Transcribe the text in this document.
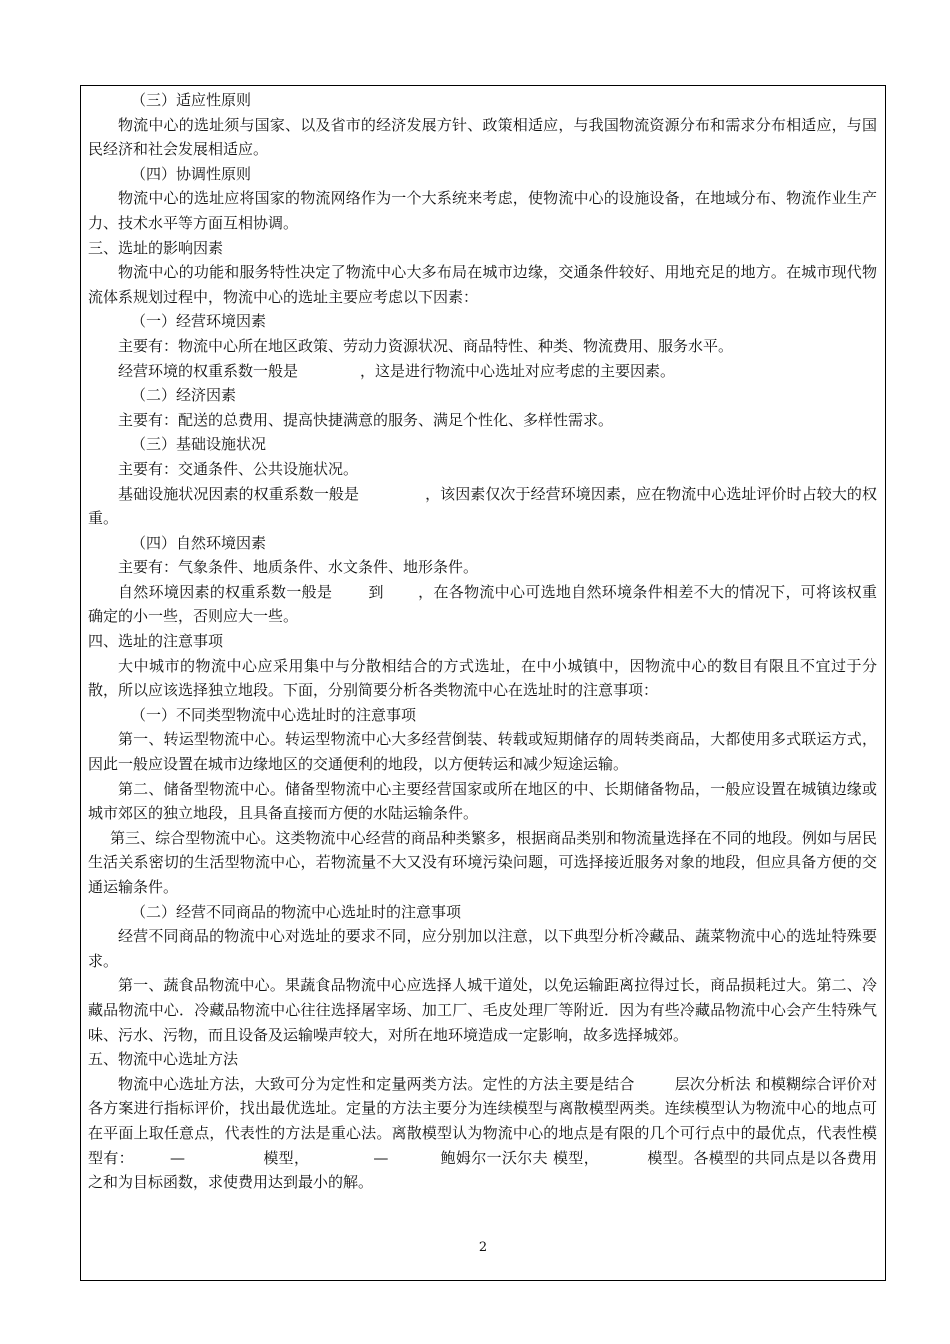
（三）适应性原则

物流中心的选址须与国家、以及省市的经济发展方针、政策相适应，与我国物流资源分布和需求分布相适应，与国民经济和社会发展相适应。

（四）协调性原则

物流中心的选址应将国家的物流网络作为一个大系统来考虑，使物流中心的设施设备，在地域分布、物流作业生产力、技术水平等方面互相协调。

三、选址的影响因素

物流中心的功能和服务特性决定了物流中心大多布局在城市边缘，交通条件较好、用地充足的地方。在城市现代物流体系规划过程中，物流中心的选址主要应考虑以下因素：

（一）经营环境因素

主要有：物流中心所在地区政策、劳动力资源状况、商品特性、种类、物流费用、服务水平。

经营环境的权重系数一般是	，这是进行物流中心选址对应考虑的主要因素。

（二）经济因素

主要有：配送的总费用、提高快捷满意的服务、满足个性化、多样性需求。

（三）基础设施状况

主要有：交通条件、公共设施状况。

基础设施状况因素的权重系数一般是	，该因素仅次于经营环境因素，应在物流中心选址评价时占较大的权重。

（四）自然环境因素

主要有：气象条件、地质条件、水文条件、地形条件。

自然环境因素的权重系数一般是 到 ，在各物流中心可选地自然环境条件相差不大的情况下，可将该权重确定的小一些，否则应大一些。

四、选址的注意事项

大中城市的物流中心应采用集中与分散相结合的方式选址，在中小城镇中，因物流中心的数目有限且不宜过于分散，所以应该选择独立地段。下面，分别简要分析各类物流中心在选址时的注意事项：

（一）不同类型物流中心选址时的注意事项

第一、转运型物流中心。转运型物流中心大多经营倒装、转载或短期储存的周转类商品，大都使用多式联运方式，因此一般应设置在城市边缘地区的交通便利的地段，以方便转运和减少短途运输。

第二、储备型物流中心。储备型物流中心主要经营国家或所在地区的中、长期储备物品，一般应设置在城镇边缘或城市郊区的独立地段，且具备直接而方便的水陆运输条件。

第三、综合型物流中心。这类物流中心经营的商品种类繁多，根据商品类别和物流量选择在不同的地段。例如与居民生活关系密切的生活型物流中心，若物流量不大又没有环境污染问题，可选择接近服务对象的地段，但应具备方便的交通运输条件。

（二）经营不同商品的物流中心选址时的注意事项

经营不同商品的物流中心对选址的要求不同，应分别加以注意，以下典型分析冷藏品、蔬菜物流中心的选址特殊要求。

第一、蔬食品物流中心。果蔬食品物流中心应选择人城干道处，以免运输距离拉得过长，商品损耗过大。第二、冷藏品物流中心．冷藏品物流中心往往选择屠宰场、加工厂、毛皮处理厂等附近．因为有些冷藏品物流中心会产生特殊气味、污水、污物，而且设备及运输噪声较大，对所在地环境造成一定影响，故多选择城郊。

五、物流中心选址方法

物流中心选址方法，大致可分为定性和定量两类方法。定性的方法主要是结合	层次分析法 和模糊综合评价对各方案进行指标评价，找出最优选址。定量的方法主要分为连续模型与离散模型两类。连续模型认为物流中心的地点可在平面上取任意点，代表性的方法是重心法。离散模型认为物流中心的地点是有限的几个可行点中的最优点，代表性模型有： —	模型，	—	鲍姆尔一沃尔夫 模型，	模型。各模型的共同点是以各费用之和为目标函数，求使费用达到最小的解。

2
